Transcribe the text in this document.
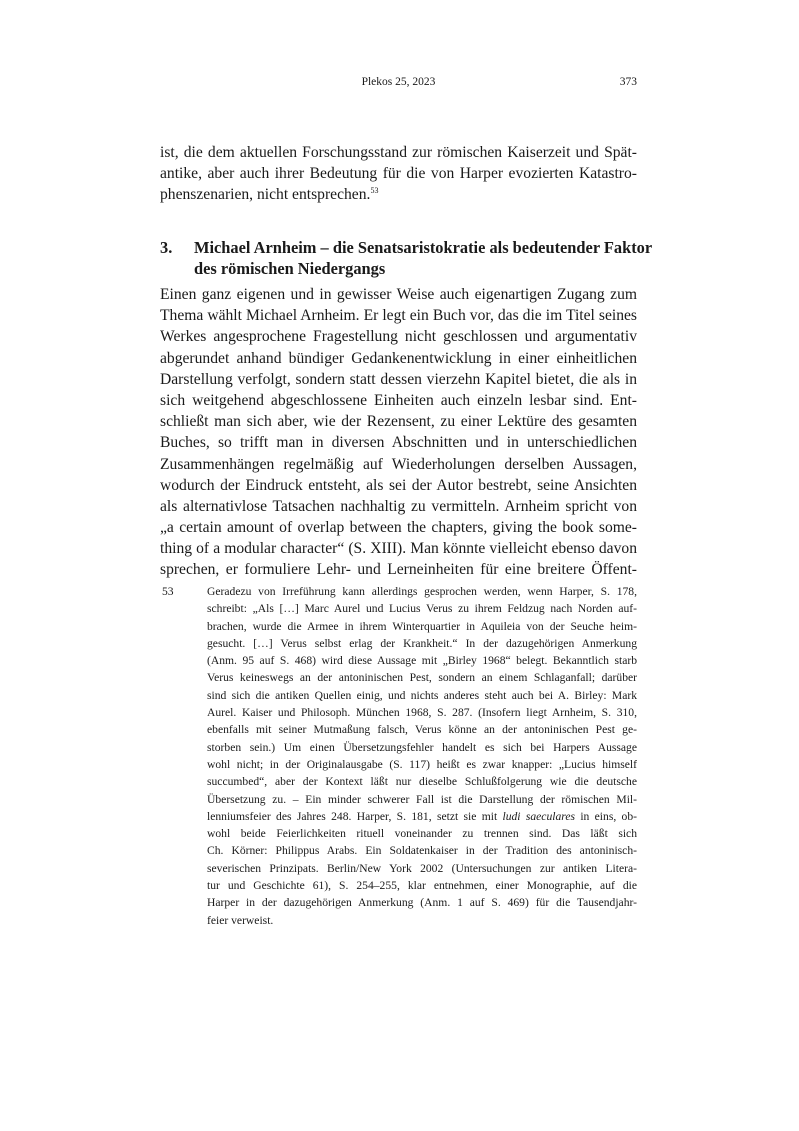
Plekos 25, 2023	373
ist, die dem aktuellen Forschungsstand zur römischen Kaiserzeit und Spät-
antike, aber auch ihrer Bedeutung für die von Harper evozierten Katastro-
phenszenarien, nicht entsprechen.$^{53}$
3. Michael Arnheim – die Senatsaristokratie als bedeutender Faktor
des römischen Niedergangs
Einen ganz eigenen und in gewisser Weise auch eigenartigen Zugang zum
Thema wählt Michael Arnheim. Er legt ein Buch vor, das die im Titel seines
Werkes angesprochene Fragestellung nicht geschlossen und argumentativ
abgerundet anhand bündiger Gedankenentwicklung in einer einheitlichen
Darstellung verfolgt, sondern statt dessen vierzehn Kapitel bietet, die als in
sich weitgehend abgeschlossene Einheiten auch einzeln lesbar sind. Ent-
schließt man sich aber, wie der Rezensent, zu einer Lektüre des gesamten
Buches, so trifft man in diversen Abschnitten und in unterschiedlichen
Zusammenhängen regelmäßig auf Wiederholungen derselben Aussagen,
wodurch der Eindruck entsteht, als sei der Autor bestrebt, seine Ansichten
als alternativlose Tatsachen nachhaltig zu vermitteln. Arnheim spricht von
„a certain amount of overlap between the chapters, giving the book some-
thing of a modular character“ (S. XIII). Man könnte vielleicht ebenso davon
sprechen, er formuliere Lehr- und Lerneinheiten für eine breitere Öffent-
53	Geradezu von Irreführung kann allerdings gesprochen werden, wenn Harper, S. 178,
schreibt: „Als […] Marc Aurel und Lucius Verus zu ihrem Feldzug nach Norden auf-
brachen, wurde die Armee in ihrem Winterquartier in Aquileia von der Seuche heim-
gesucht. […] Verus selbst erlag der Krankheit.“ In der dazugehörigen Anmerkung
(Anm. 95 auf S. 468) wird diese Aussage mit „Birley 1968“ belegt. Bekanntlich starb
Verus keineswegs an der antoninischen Pest, sondern an einem Schlaganfall; darüber
sind sich die antiken Quellen einig, und nichts anderes steht auch bei A. Birley: Mark
Aurel. Kaiser und Philosoph. München 1968, S. 287. (Insofern liegt Arnheim, S. 310,
ebenfalls mit seiner Mutmaßung falsch, Verus könne an der antoninischen Pest ge-
storben sein.) Um einen Übersetzungsfehler handelt es sich bei Harpers Aussage
wohl nicht; in der Originalausgabe (S. 117) heißt es zwar knapper: „Lucius himself
succumbed“, aber der Kontext läßt nur dieselbe Schlußfolgerung wie die deutsche
Übersetzung zu. – Ein minder schwerer Fall ist die Darstellung der römischen Mil-
lenniumsfeier des Jahres 248. Harper, S. 181, setzt sie mit ludi saeculares in eins, ob-
wohl beide Feierlichkeiten rituell voneinander zu trennen sind. Das läßt sich
Ch. Körner: Philippus Arabs. Ein Soldatenkaiser in der Tradition des antoninisch-
severischen Prinzipats. Berlin/New York 2002 (Untersuchungen zur antiken Litera-
tur und Geschichte 61), S. 254–255, klar entnehmen, einer Monographie, auf die
Harper in der dazugehörigen Anmerkung (Anm. 1 auf S. 469) für die Tausendjahr-
feier verweist.
